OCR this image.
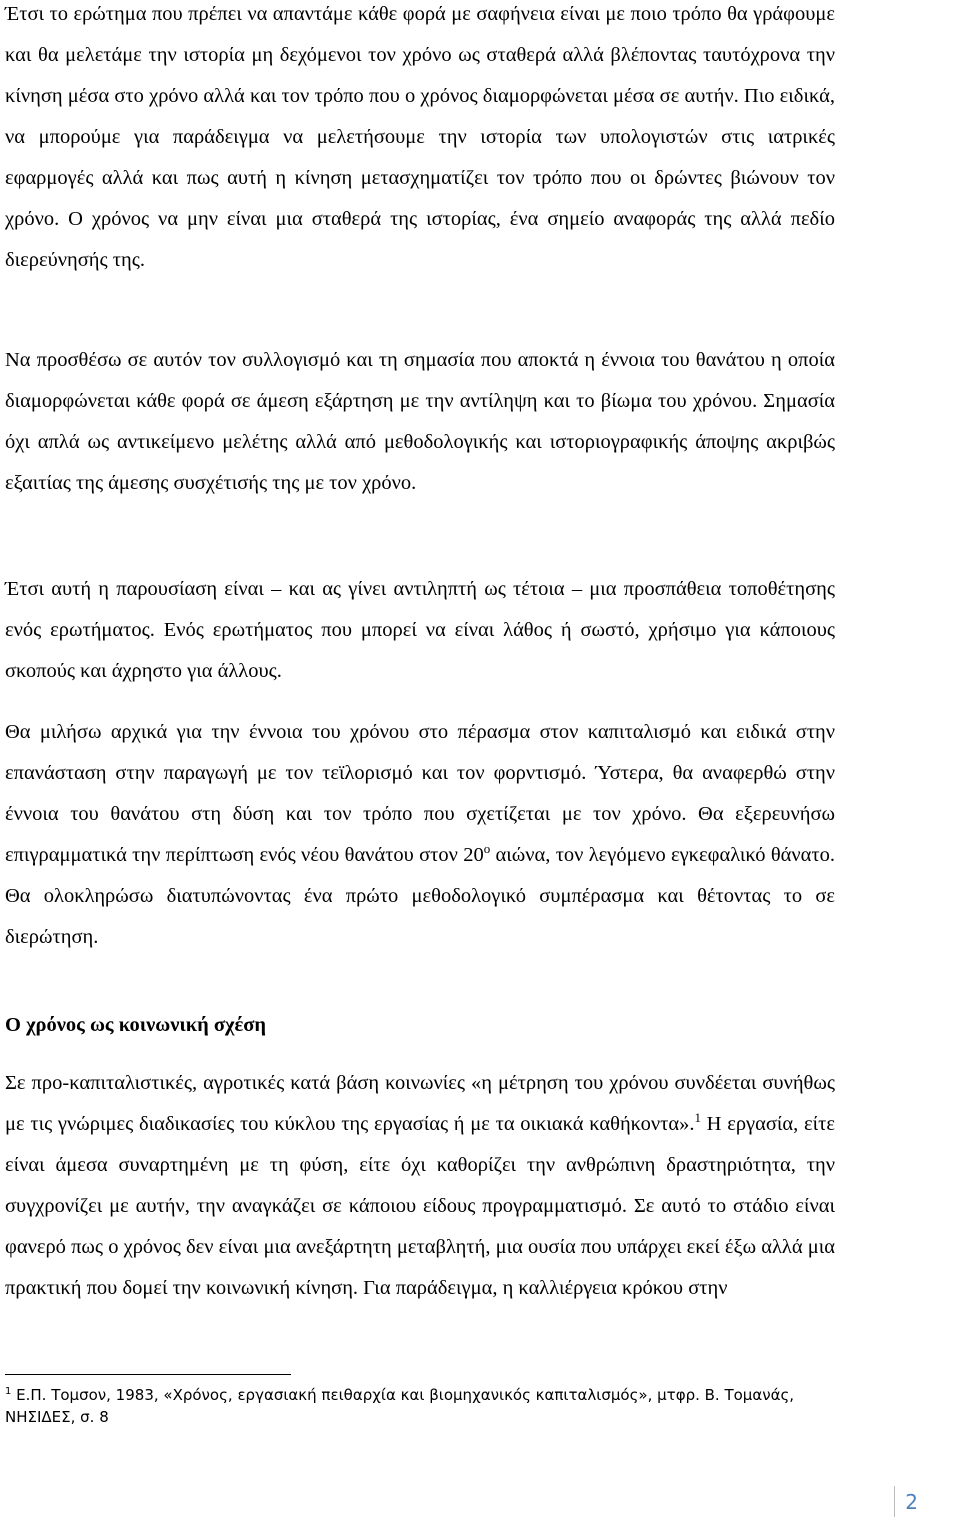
Έτσι το ερώτημα που πρέπει να απαντάμε κάθε φορά με σαφήνεια είναι με ποιο τρόπο θα γράφουμε και θα μελετάμε την ιστορία μη δεχόμενοι τον χρόνο ως σταθερά αλλά βλέποντας ταυτόχρονα την κίνηση μέσα στο χρόνο αλλά και τον τρόπο που ο χρόνος διαμορφώνεται μέσα σε αυτήν. Πιο ειδικά, να μπορούμε για παράδειγμα να μελετήσουμε την ιστορία των υπολογιστών στις ιατρικές εφαρμογές αλλά και πως αυτή η κίνηση μετασχηματίζει τον τρόπο που οι δρώντες βιώνουν τον χρόνο. Ο χρόνος να μην είναι μια σταθερά της ιστορίας, ένα σημείο αναφοράς της αλλά πεδίο διερεύνησής της.

Να προσθέσω σε αυτόν τον συλλογισμό και τη σημασία που αποκτά η έννοια του θανάτου η οποία διαμορφώνεται κάθε φορά σε άμεση εξάρτηση με την αντίληψη και το βίωμα του χρόνου. Σημασία όχι απλά ως αντικείμενο μελέτης αλλά από μεθοδολογικής και ιστοριογραφικής άποψης ακριβώς εξαιτίας της άμεσης συσχέτισής της με τον χρόνο.

Έτσι αυτή η παρουσίαση είναι – και ας γίνει αντιληπτή ως τέτοια – μια προσπάθεια τοποθέτησης ενός ερωτήματος. Ενός ερωτήματος που μπορεί να είναι λάθος ή σωστό, χρήσιμο για κάποιους σκοπούς και άχρηστο για άλλους.

Θα μιλήσω αρχικά για την έννοια του χρόνου στο πέρασμα στον καπιταλισμό και ειδικά στην επανάσταση στην παραγωγή με τον τεϊλορισμό και τον φορντισμό. Ύστερα, θα αναφερθώ στην έννοια του θανάτου στη δύση και τον τρόπο που σχετίζεται με τον χρόνο. Θα εξερευνήσω επιγραμματικά την περίπτωση ενός νέου θανάτου στον $20^o$ αιώνα, τον λεγόμενο εγκεφαλικό θάνατο. Θα ολοκληρώσω διατυπώνοντας ένα πρώτο μεθοδολογικό συμπέρασμα και θέτοντας το σε διερώτηση.

Ο χρόνος ως κοινωνική σχέση

Σε προ-καπιταλιστικές, αγροτικές κατά βάση κοινωνίες «η μέτρηση του χρόνου συνδέεται συνήθως με τις γνώριμες διαδικασίες του κύκλου της εργασίας ή με τα οικιακά καθήκοντα».$^1$ Η εργασία, είτε είναι άμεσα συναρτημένη με τη φύση, είτε όχι καθορίζει την ανθρώπινη δραστηριότητα, την συγχρονίζει με αυτήν, την αναγκάζει σε κάποιου είδους προγραμματισμό. Σε αυτό το στάδιο είναι φανερό πως ο χρόνος δεν είναι μια ανεξάρτητη μεταβλητή, μια ουσία που υπάρχει εκεί έξω αλλά μια πρακτική που δομεί την κοινωνική κίνηση. Για παράδειγμα, η καλλιέργεια κρόκου στην

$^1$ Ε.Π. Τομσον, 1983, «Χρόνος, εργασιακή πειθαρχία και βιομηχανικός καπιταλισμός», μτφρ. Β. Τομανάς, ΝΗΣΙΔΕΣ, σ. 8
2
